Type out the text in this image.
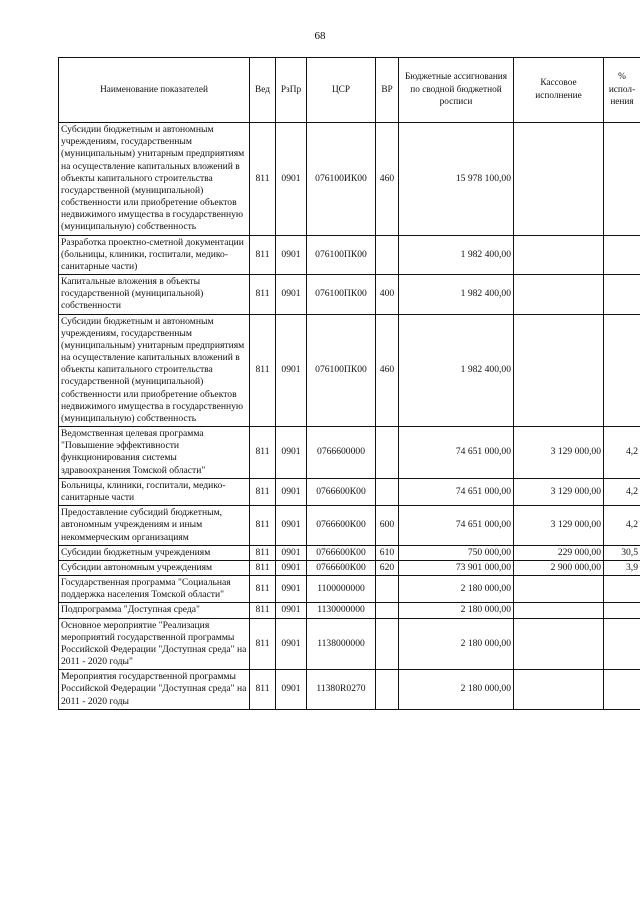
68
Наименование показателей	Вед	РзПр	ЦСР	ВР	Бюджетные ассигнования по сводной бюджетной росписи	Кассовое исполнение	% испол-нения
Субсидии бюджетным и автономным учреждениям, государственным (муниципальным) унитарным предприятиям на осуществление капитальных вложений в объекты капитального строительства государственной (муниципальной) собственности или приобретение объектов недвижимого имущества в государственную (муниципальную) собственность	811	0901	076100ИК00	460	15 978 100,00		
Разработка проектно-сметной документации (больницы, клиники, госпитали, медико-санитарные части)	811	0901	076100ПК00		1 982 400,00		
Капитальные вложения в объекты государственной (муниципальной) собственности	811	0901	076100ПК00	400	1 982 400,00		
Субсидии бюджетным и автономным учреждениям, государственным (муниципальным) унитарным предприятиям на осуществление капитальных вложений в объекты капитального строительства государственной (муниципальной) собственности или приобретение объектов недвижимого имущества в государственную (муниципальную) собственность	811	0901	076100ПК00	460	1 982 400,00		
Ведомственная целевая программа "Повышение эффективности функционирования системы здравоохранения Томской области"	811	0901	0766600000		74 651 000,00	3 129 000,00	4,2
Больницы, клиники, госпитали, медико-санитарные части	811	0901	0766600К00		74 651 000,00	3 129 000,00	4,2
Предоставление субсидий бюджетным, автономным учреждениям и иным некоммерческим организациям	811	0901	0766600К00	600	74 651 000,00	3 129 000,00	4,2
Субсидии бюджетным учреждениям	811	0901	0766600К00	610	750 000,00	229 000,00	30,5
Субсидии автономным учреждениям	811	0901	0766600К00	620	73 901 000,00	2 900 000,00	3,9
Государственная программа "Социальная поддержка населения Томской области"	811	0901	1100000000		2 180 000,00		
Подпрограмма "Доступная среда"	811	0901	1130000000		2 180 000,00		
Основное мероприятие "Реализация мероприятий государственной программы Российской Федерации "Доступная среда" на 2011 - 2020 годы"	811	0901	1138000000		2 180 000,00		
Мероприятия государственной программы Российской Федерации "Доступная среда" на 2011 - 2020 годы	811	0901	11380R0270		2 180 000,00		
